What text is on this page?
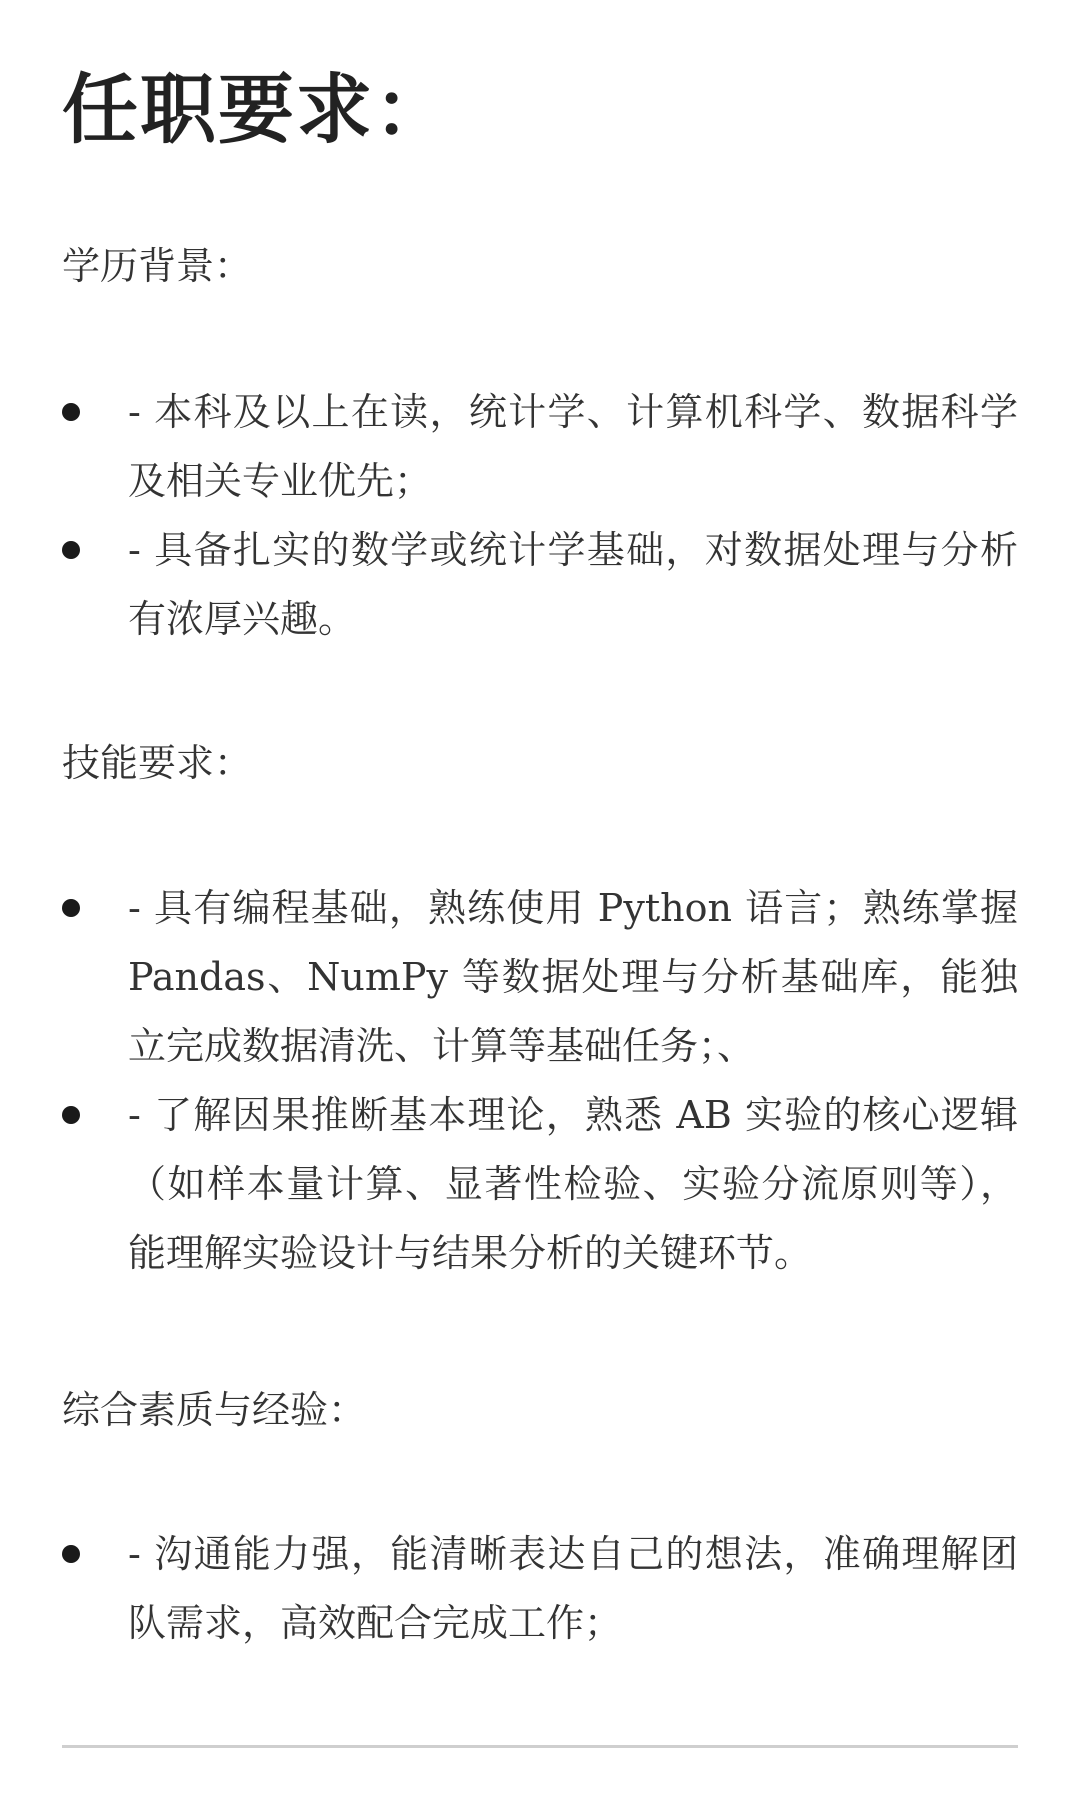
任职要求：
学历背景：
- 本科及以上在读，统计学、计算机科学、数据科学及相关专业优先；
- 具备扎实的数学或统计学基础，对数据处理与分析有浓厚兴趣。
技能要求：
- 具有编程基础，熟练使用 Python 语言；熟练掌握 Pandas、NumPy 等数据处理与分析基础库，能独立完成数据清洗、计算等基础任务；、
- 了解因果推断基本理论，熟悉 AB 实验的核心逻辑（如样本量计算、显著性检验、实验分流原则等），能理解实验设计与结果分析的关键环节。
综合素质与经验：
- 沟通能力强，能清晰表达自己的想法，准确理解团队需求，高效配合完成工作；
